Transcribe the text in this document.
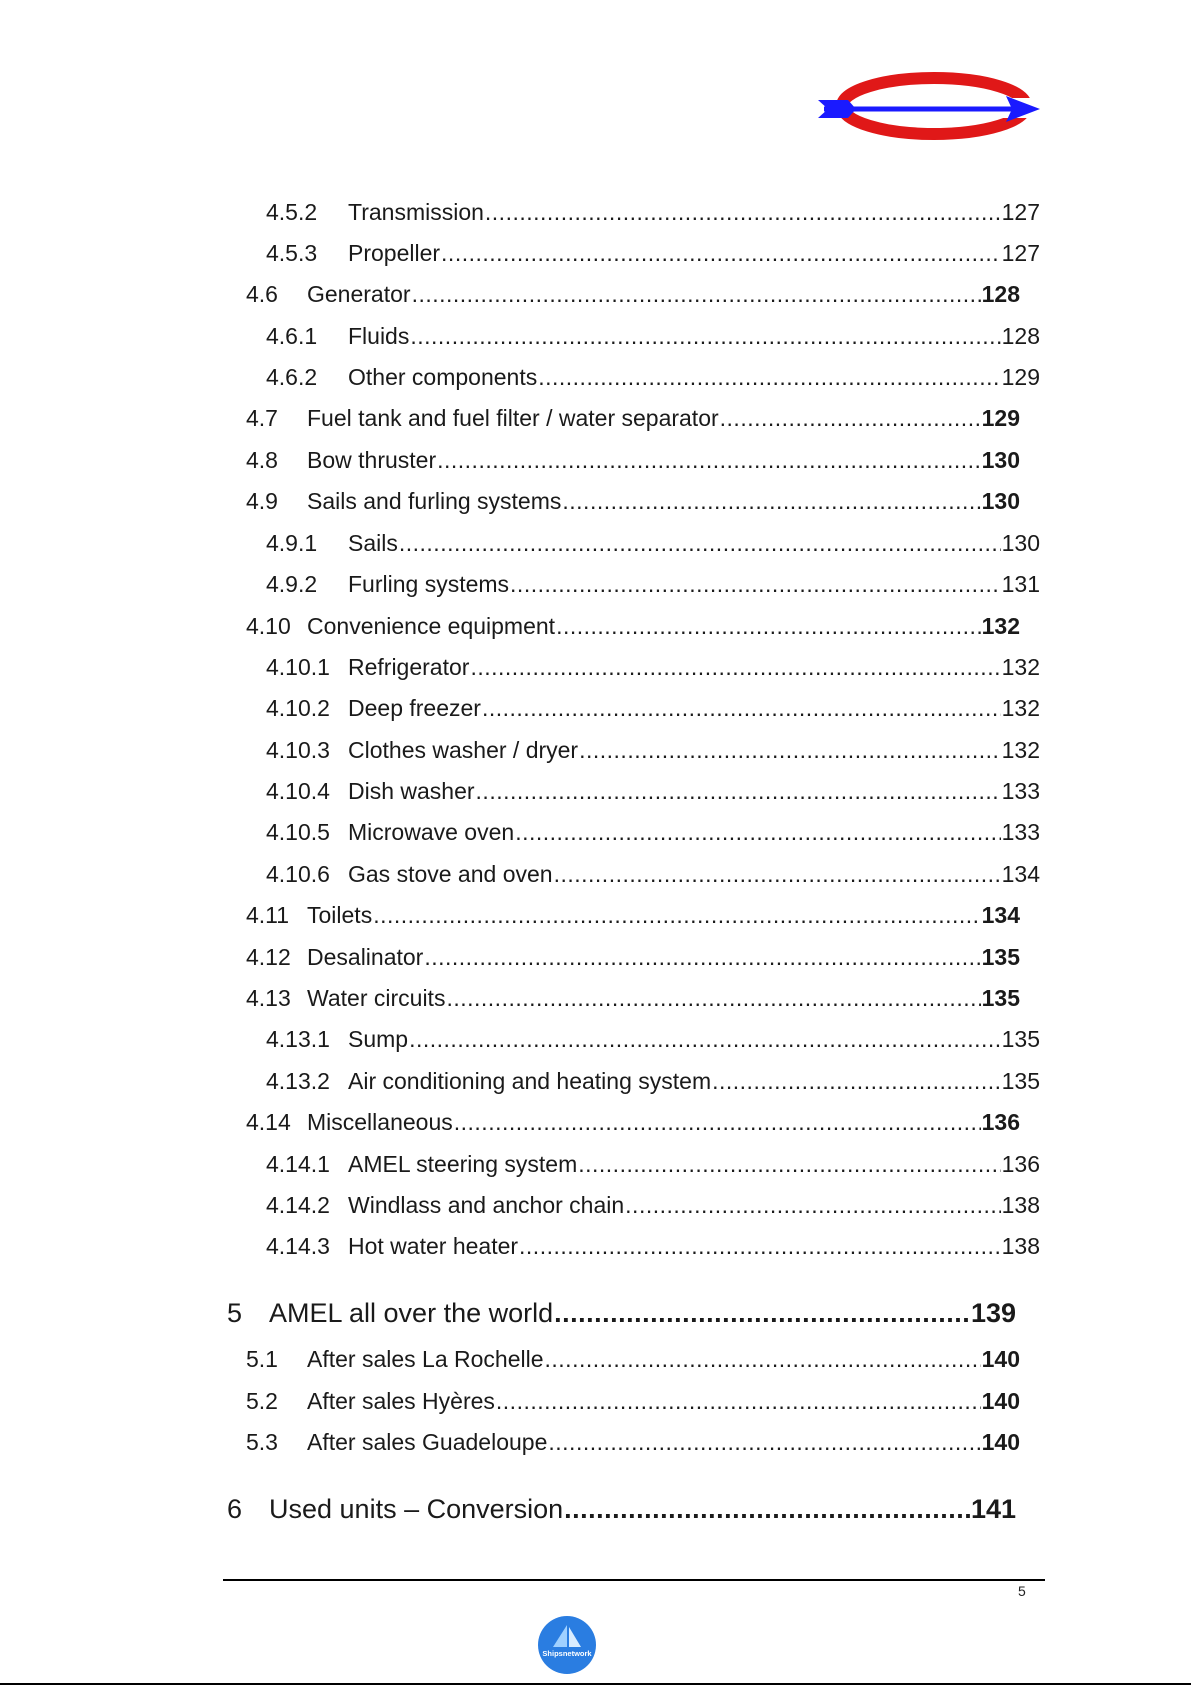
4.5.2	Transmission .....	127
4.5.3	Propeller .....	127
4.6	Generator .....	128
4.6.1	Fluids .....	128
4.6.2	Other components .....	129
4.7	Fuel tank and fuel filter / water separator .....	129
4.8	Bow thruster .....	130
4.9	Sails and furling systems .....	130
4.9.1	Sails .....	130
4.9.2	Furling systems .....	131
4.10 Convenience equipment .....	132
4.10.1 Refrigerator .....	132
4.10.2 Deep freezer .....	132
4.10.3 Clothes washer / dryer .....	132
4.10.4 Dish washer .....	133
4.10.5 Microwave oven .....	133
4.10.6 Gas stove and oven .....	134
4.11 Toilets .....	134
4.12 Desalinator .....	135
4.13 Water circuits .....	135
4.13.1 Sump .....	135
4.13.2 Air conditioning and heating system .....	135
4.14 Miscellaneous .....	136
4.14.1 AMEL steering system .....	136
4.14.2 Windlass and anchor chain .....	138
4.14.3 Hot water heater .....	138
5 AMEL all over the world .....	139
5.1	After sales La Rochelle .....	140
5.2	After sales Hyères .....	140
5.3	After sales Guadeloupe .....	140
6 Used units – Conversion .....	141
5
Shipsnetwork
